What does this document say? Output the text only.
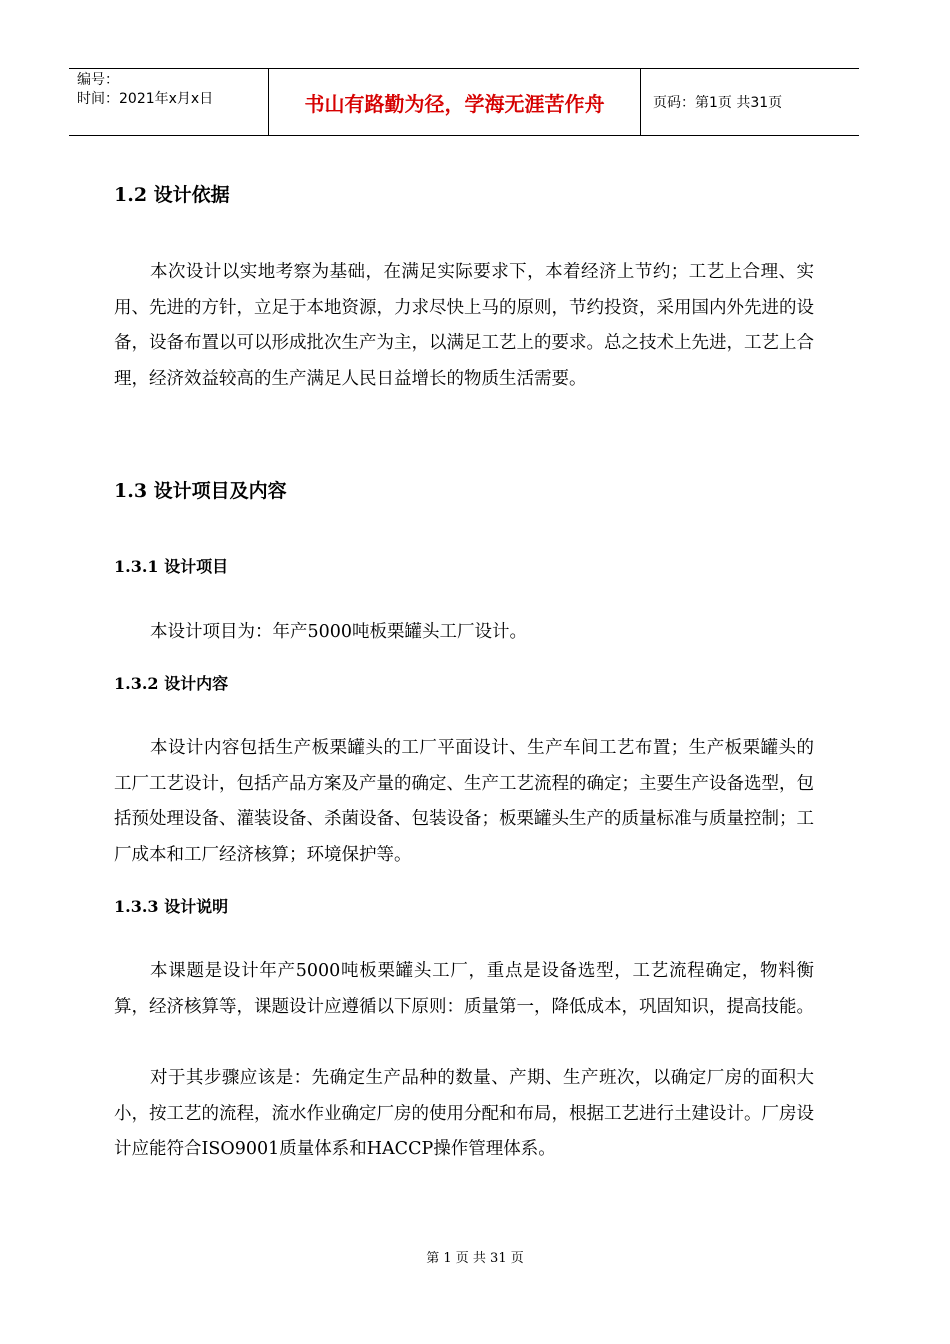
编号：
时间：2021年x月x日	书山有路勤为径，学海无涯苦作舟	页码：第1页 共31页
1.2 设计依据
本次设计以实地考察为基础，在满足实际要求下，本着经济上节约；工艺上合理、实用、先进的方针，立足于本地资源，力求尽快上马的原则，节约投资，采用国内外先进的设备，设备布置以可以形成批次生产为主，以满足工艺上的要求。总之技术上先进，工艺上合理，经济效益较高的生产满足人民日益增长的物质生活需要。
1.3 设计项目及内容
1.3.1 设计项目
本设计项目为：年产5000吨板栗罐头工厂设计。
1.3.2 设计内容
本设计内容包括生产板栗罐头的工厂平面设计、生产车间工艺布置；生产板栗罐头的工厂工艺设计，包括产品方案及产量的确定、生产工艺流程的确定；主要生产设备选型，包括预处理设备、灌装设备、杀菌设备、包装设备；板栗罐头生产的质量标准与质量控制；工厂成本和工厂经济核算；环境保护等。
1.3.3 设计说明
本课题是设计年产5000吨板栗罐头工厂，重点是设备选型，工艺流程确定，物料衡算，经济核算等，课题设计应遵循以下原则：质量第一，降低成本，巩固知识，提高技能。
对于其步骤应该是：先确定生产品种的数量、产期、生产班次，以确定厂房的面积大小，按工艺的流程，流水作业确定厂房的使用分配和布局，根据工艺进行土建设计。厂房设计应能符合ISO9001质量体系和HACCP操作管理体系。
第 1 页 共 31 页
